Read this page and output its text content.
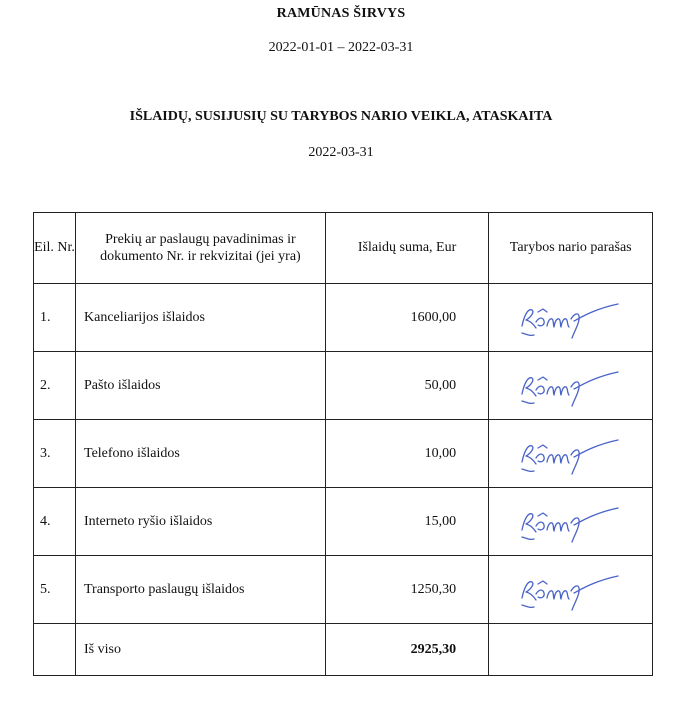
RAMŪNAS ŠIRVYS
2022-01-01 – 2022-03-31
IŠLAIDŲ, SUSIJUSIŲ SU TARYBOS NARIO VEIKLA, ATASKAITA
2022-03-31
Eil. Nr.	Prekių ar paslaugų pavadinimas ir dokumento Nr. ir rekvizitai (jei yra)	Išlaidų suma, Eur	Tarybos nario parašas
1.	Kanceliarijos išlaidos	1600,00	

2.	Pašto išlaidos	50,00	

3.	Telefono išlaidos	10,00	

4.	Interneto ryšio išlaidos	15,00	

5.	Transporto paslaugų išlaidos	1250,30	

	Iš viso	2925,30	
